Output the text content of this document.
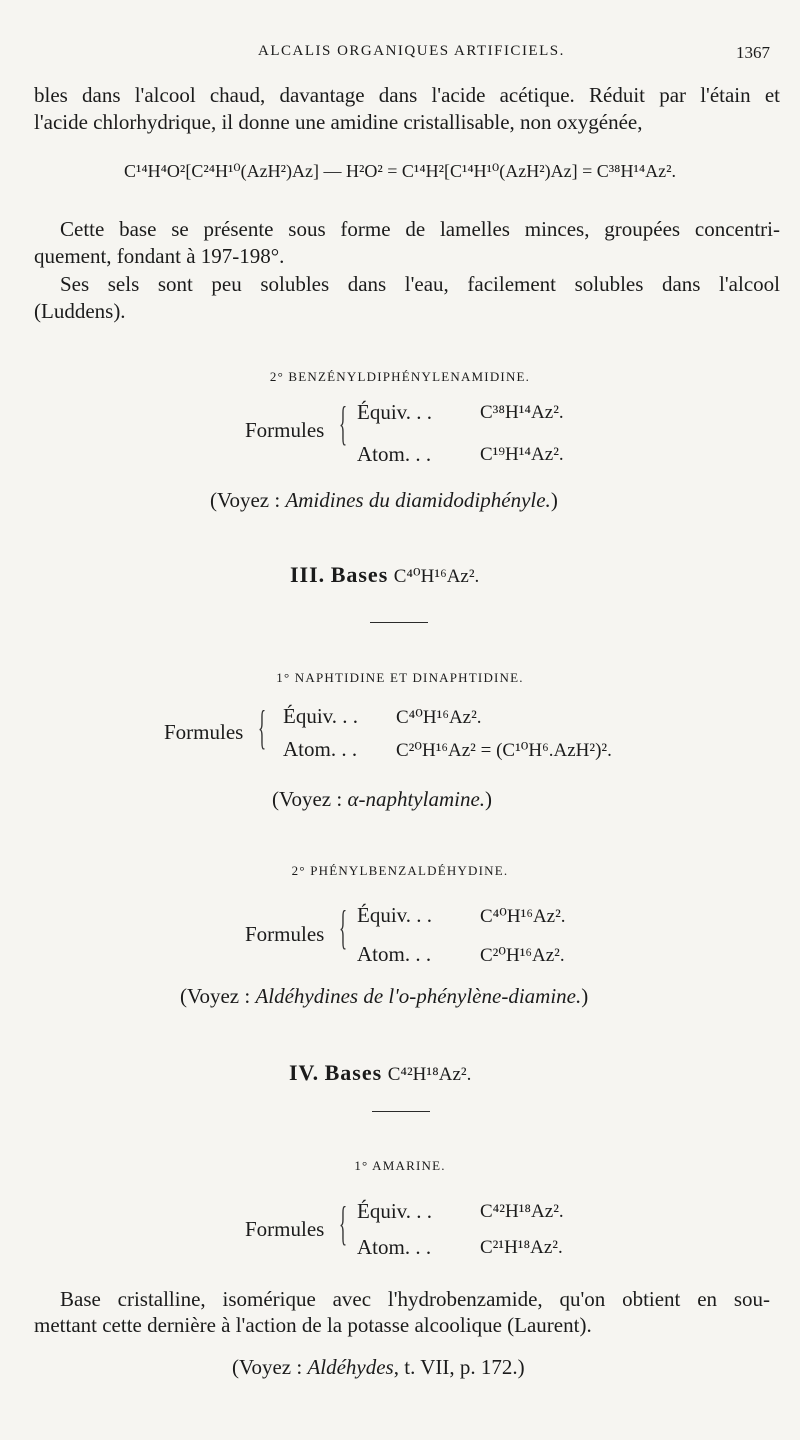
ALCALIS ORGANIQUES ARTIFICIELS.	1367
bles dans l'alcool chaud, davantage dans l'acide acétique. Réduit par l'étain et
l'acide chlorhydrique, il donne une amidine cristallisable, non oxygénée,
C¹⁴H⁴O²[C²⁴H¹⁰(AzH²)Az] — H²O² = C¹⁴H²[C¹⁴H¹⁰(AzH²)Az] = C³⁸H¹⁴Az².
Cette base se présente sous forme de lamelles minces, groupées concentri-
quement, fondant à 197-198°.
Ses sels sont peu solubles dans l'eau, facilement solubles dans l'alcool
(Luddens).
2° BENZÉNYLDIPHÉNYLENAMIDINE.
Formules { Équiv. . .	C³⁸H¹⁴Az².
Atom. . .	C¹⁹H¹⁴Az².
(Voyez : Amidines du diamidodiphényle.)
III. Bases C⁴⁰H¹⁶Az².
1° NAPHTIDINE ET DINAPHTIDINE.
Formules { Équiv. . . C⁴⁰H¹⁶Az².
Atom. . . C²⁰H¹⁶Az² = (C¹⁰H⁶.AzH²)².
(Voyez : α-naphtylamine.)
2° PHÉNYLBENZALDÉHYDINE.
Formules { Équiv. . .	C⁴⁰H¹⁶Az².
Atom. . .	C²⁰H¹⁶Az².
(Voyez : Aldéhydines de l'o-phénylène-diamine.)
IV. Bases C⁴²H¹⁸Az².
1° AMARINE.
Formules { Équiv. . .	C⁴²H¹⁸Az².
Atom. . .	C²¹H¹⁸Az².
Base cristalline, isomérique avec l'hydrobenzamide, qu'on obtient en sou-
mettant cette dernière à l'action de la potasse alcoolique (Laurent).
(Voyez : Aldéhydes, t. VII, p. 172.)
